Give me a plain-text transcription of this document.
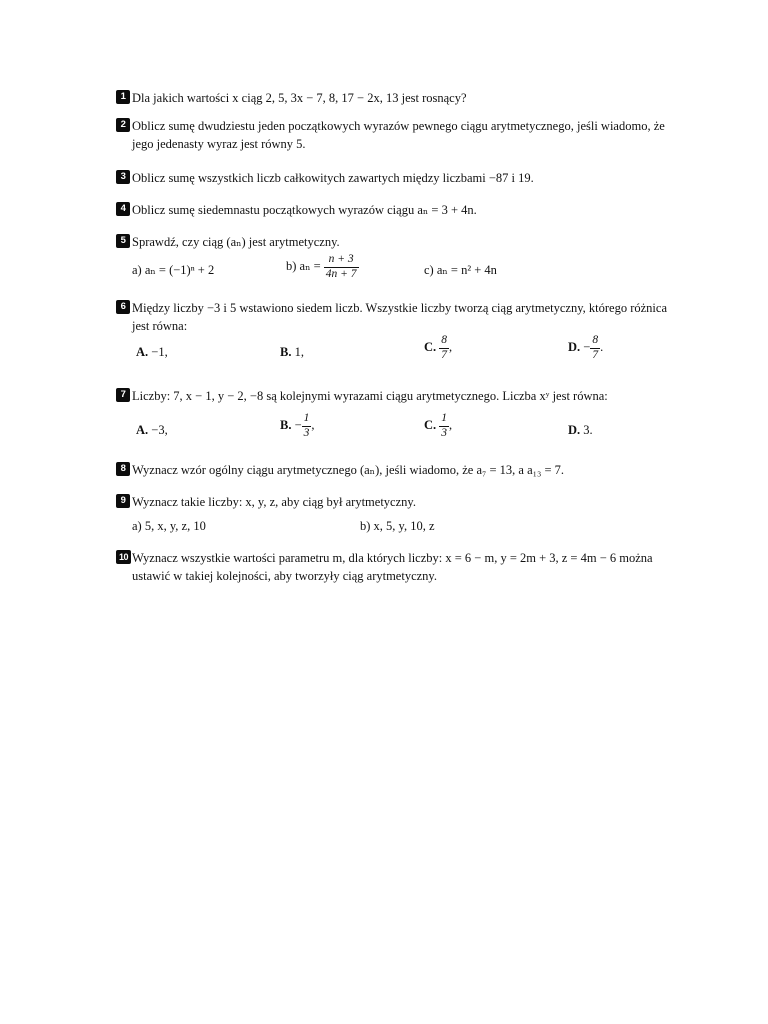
1 Dla jakich wartości x ciąg 2, 5, 3x − 7, 8, 17 − 2x, 13 jest rosnący?
2 Oblicz sumę dwudziestu jeden początkowych wyrazów pewnego ciągu arytmetycznego, jeśli wiadomo, że
jego jedenasty wyraz jest równy 5.
3 Oblicz sumę wszystkich liczb całkowitych zawartych między liczbami −87 i 19.
4 Oblicz sumę siedemnastu początkowych wyrazów ciągu aₙ = 3 + 4n.
5 Sprawdź, czy ciąg (aₙ) jest arytmetyczny.
a) aₙ = (−1)ⁿ + 2	b) $a_n = \frac{n + 3}{4n + 7}$	c) aₙ = n² + 4n
6 Między liczby −3 i 5 wstawiono siedem liczb. Wszystkie liczby tworzą ciąg arytmetyczny, którego różnica
jest równa:
A. −1,	B. 1,	C. $\frac{8}{7}$ ,	D. − $\frac{8}{7}$ .
7 Liczby: 7, x − 1, y − 2, −8 są kolejnymi wyrazami ciągu arytmetycznego. Liczba xʸ jest równa:
A. −3,	B. − $\frac{1}{3}$ ,	C. $\frac{1}{3}$ ,	D. 3.
8 Wyznacz wzór ogólny ciągu arytmetycznego (aₙ), jeśli wiadomo, że a₇ = 13, a a₁₃ = 7.
9 Wyznacz takie liczby: x, y, z, aby ciąg był arytmetyczny.
a) 5, x, y, z, 10	b) x, 5, y, 10, z
10 Wyznacz wszystkie wartości parametru m, dla których liczby: x = 6 − m, y = 2m + 3, z = 4m − 6 można
ustawić w takiej kolejności, aby tworzyły ciąg arytmetyczny.
